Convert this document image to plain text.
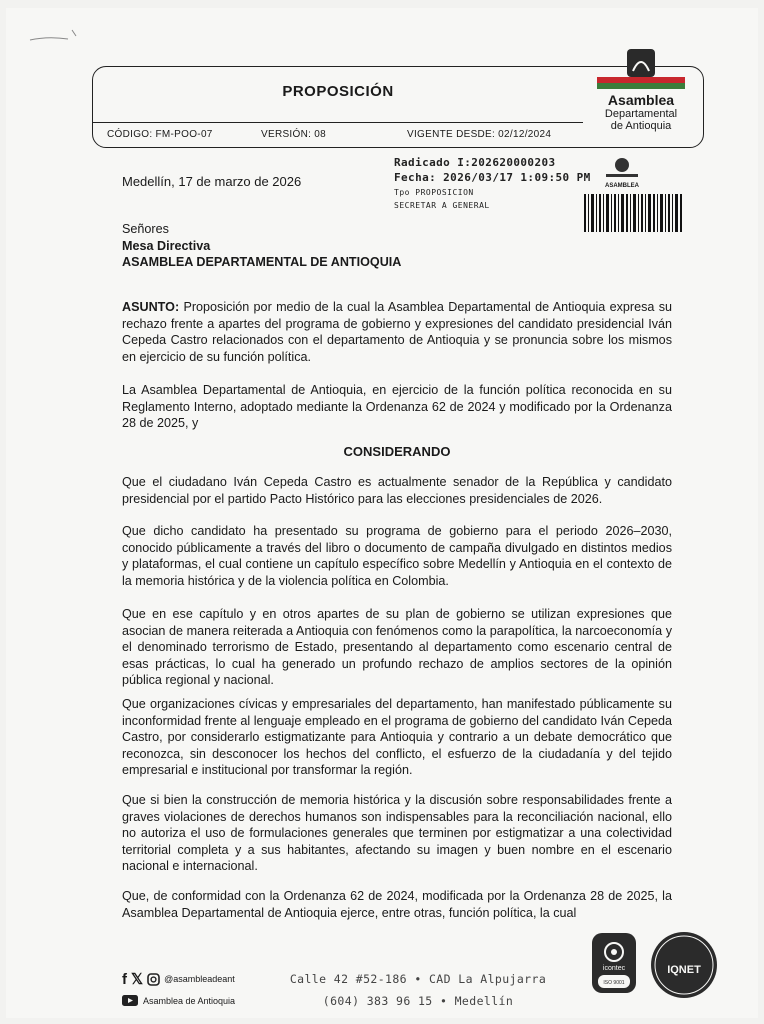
PROPOSICIÓN
CÓDIGO: FM-POO-07	VERSIÓN: 08	VIGENTE DESDE: 02/12/2024
Asamblea
Departamental
de Antioquia
Medellín, 17 de marzo de 2026
Radicado I:202620000203
Fecha: 2026/03/17 1:09:50 PM
Tpo PROPOSICION
SECRETAR A GENERAL
ASAMBLEA
Señores
Mesa Directiva
ASAMBLEA DEPARTAMENTAL DE ANTIOQUIA
ASUNTO: Proposición por medio de la cual la Asamblea Departamental de Antioquia expresa su rechazo frente a apartes del programa de gobierno y expresiones del candidato presidencial Iván Cepeda Castro relacionados con el departamento de Antioquia y se pronuncia sobre los mismos en ejercicio de su función política.
La Asamblea Departamental de Antioquia, en ejercicio de la función política reconocida en su Reglamento Interno, adoptado mediante la Ordenanza 62 de 2024 y modificado por la Ordenanza 28 de 2025, y
CONSIDERANDO
Que el ciudadano Iván Cepeda Castro es actualmente senador de la República y candidato presidencial por el partido Pacto Histórico para las elecciones presidenciales de 2026.
Que dicho candidato ha presentado su programa de gobierno para el periodo 2026–2030, conocido públicamente a través del libro o documento de campaña divulgado en distintos medios y plataformas, el cual contiene un capítulo específico sobre Medellín y Antioquia en el contexto de la memoria histórica y de la violencia política en Colombia.
Que en ese capítulo y en otros apartes de su plan de gobierno se utilizan expresiones que asocian de manera reiterada a Antioquia con fenómenos como la parapolítica, la narcoeconomía y el denominado terrorismo de Estado, presentando al departamento como escenario central de esas prácticas, lo cual ha generado un profundo rechazo de amplios sectores de la opinión pública regional y nacional.
Que organizaciones cívicas y empresariales del departamento, han manifestado públicamente su inconformidad frente al lenguaje empleado en el programa de gobierno del candidato Iván Cepeda Castro, por considerarlo estigmatizante para Antioquia y contrario a un debate democrático que reconozca, sin desconocer los hechos del conflicto, el esfuerzo de la ciudadanía y del tejido empresarial e institucional por transformar la región.
Que si bien la construcción de memoria histórica y la discusión sobre responsabilidades frente a graves violaciones de derechos humanos son indispensables para la reconciliación nacional, ello no autoriza el uso de formulaciones generales que terminen por estigmatizar a una colectividad territorial completa y a sus habitantes, afectando su imagen y buen nombre en el escenario nacional e internacional.
Que, de conformidad con la Ordenanza 62 de 2024, modificada por la Ordenanza 28 de 2025, la Asamblea Departamental de Antioquia ejerce, entre otras, función política, la cual
f 𝕏 @asambleadeant
Asamblea de Antioquia
Calle 42 #52-186 • CAD La Alpujarra
(604) 383 96 15 • Medellín
icontec
ISO 9001
IQNET
